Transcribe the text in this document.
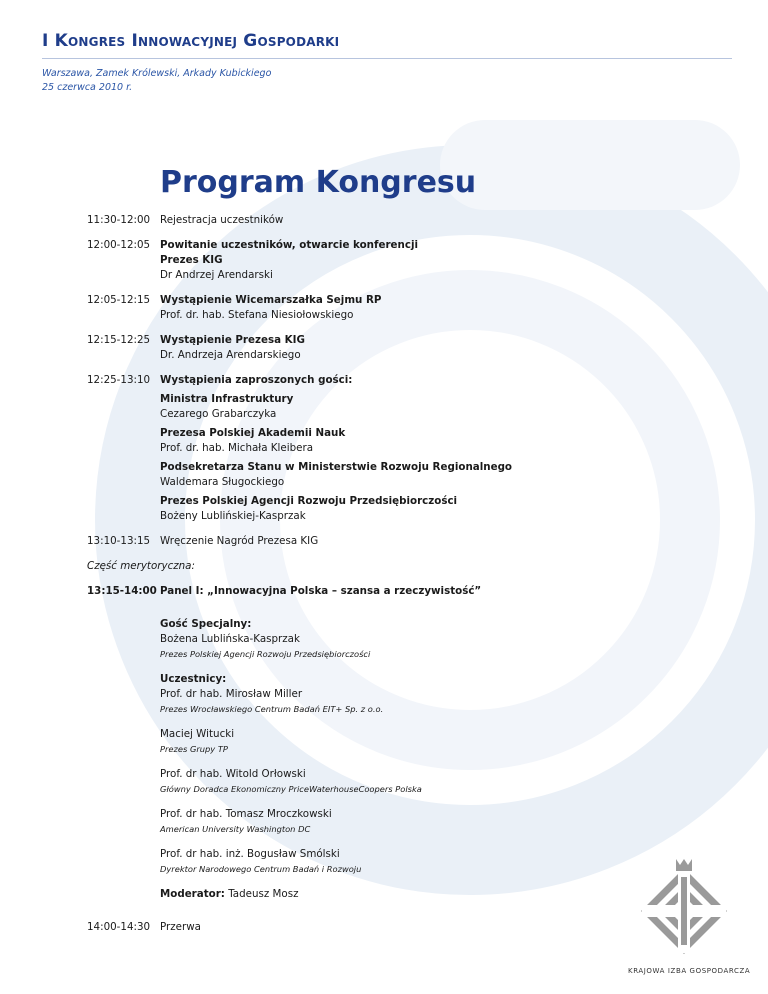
I Kongres Innowacyjnej Gospodarki
Warszawa, Zamek Królewski, Arkady Kubickiego
25 czerwca 2010 r.
Program Kongresu
11:30-12:00 Rejestracja uczestników
12:00-12:05 Powitanie uczestników, otwarcie konferencji
Prezes KIG
Dr Andrzej Arendarski
12:05-12:15 Wystąpienie Wicemarszałka Sejmu RP
Prof. dr. hab. Stefana Niesiołowskiego
12:15-12:25 Wystąpienie Prezesa KIG
Dr. Andrzeja Arendarskiego
12:25-13:10 Wystąpienia zaproszonych gości:
Ministra Infrastruktury
Cezarego Grabarczyka
Prezesa Polskiej Akademii Nauk
Prof. dr. hab. Michała Kleibera
Podsekretarza Stanu w Ministerstwie Rozwoju Regionalnego
Waldemara Sługockiego
Prezes Polskiej Agencji Rozwoju Przedsiębiorczości
Bożeny Lublińskiej-Kasprzak
13:10-13:15 Wręczenie Nagród Prezesa KIG
Część merytoryczna:
13:15-14:00 Panel I: „Innowacyjna Polska – szansa a rzeczywistość”
Gość Specjalny:
Bożena Lublińska-Kasprzak
Prezes Polskiej Agencji Rozwoju Przedsiębiorczości
Uczestnicy:
Prof. dr hab. Mirosław Miller
Prezes Wrocławskiego Centrum Badań EIT+ Sp. z o.o.
Maciej Witucki
Prezes Grupy TP
Prof. dr hab. Witold Orłowski
Główny Doradca Ekonomiczny PriceWaterhouseCoopers Polska
Prof. dr hab. Tomasz Mroczkowski
American University Washington DC
Prof. dr hab. inż. Bogusław Smólski
Dyrektor Narodowego Centrum Badań i Rozwoju
Moderator: Tadeusz Mosz
14:00-14:30 Przerwa
KRAJOWA IZBA GOSPODARCZA
